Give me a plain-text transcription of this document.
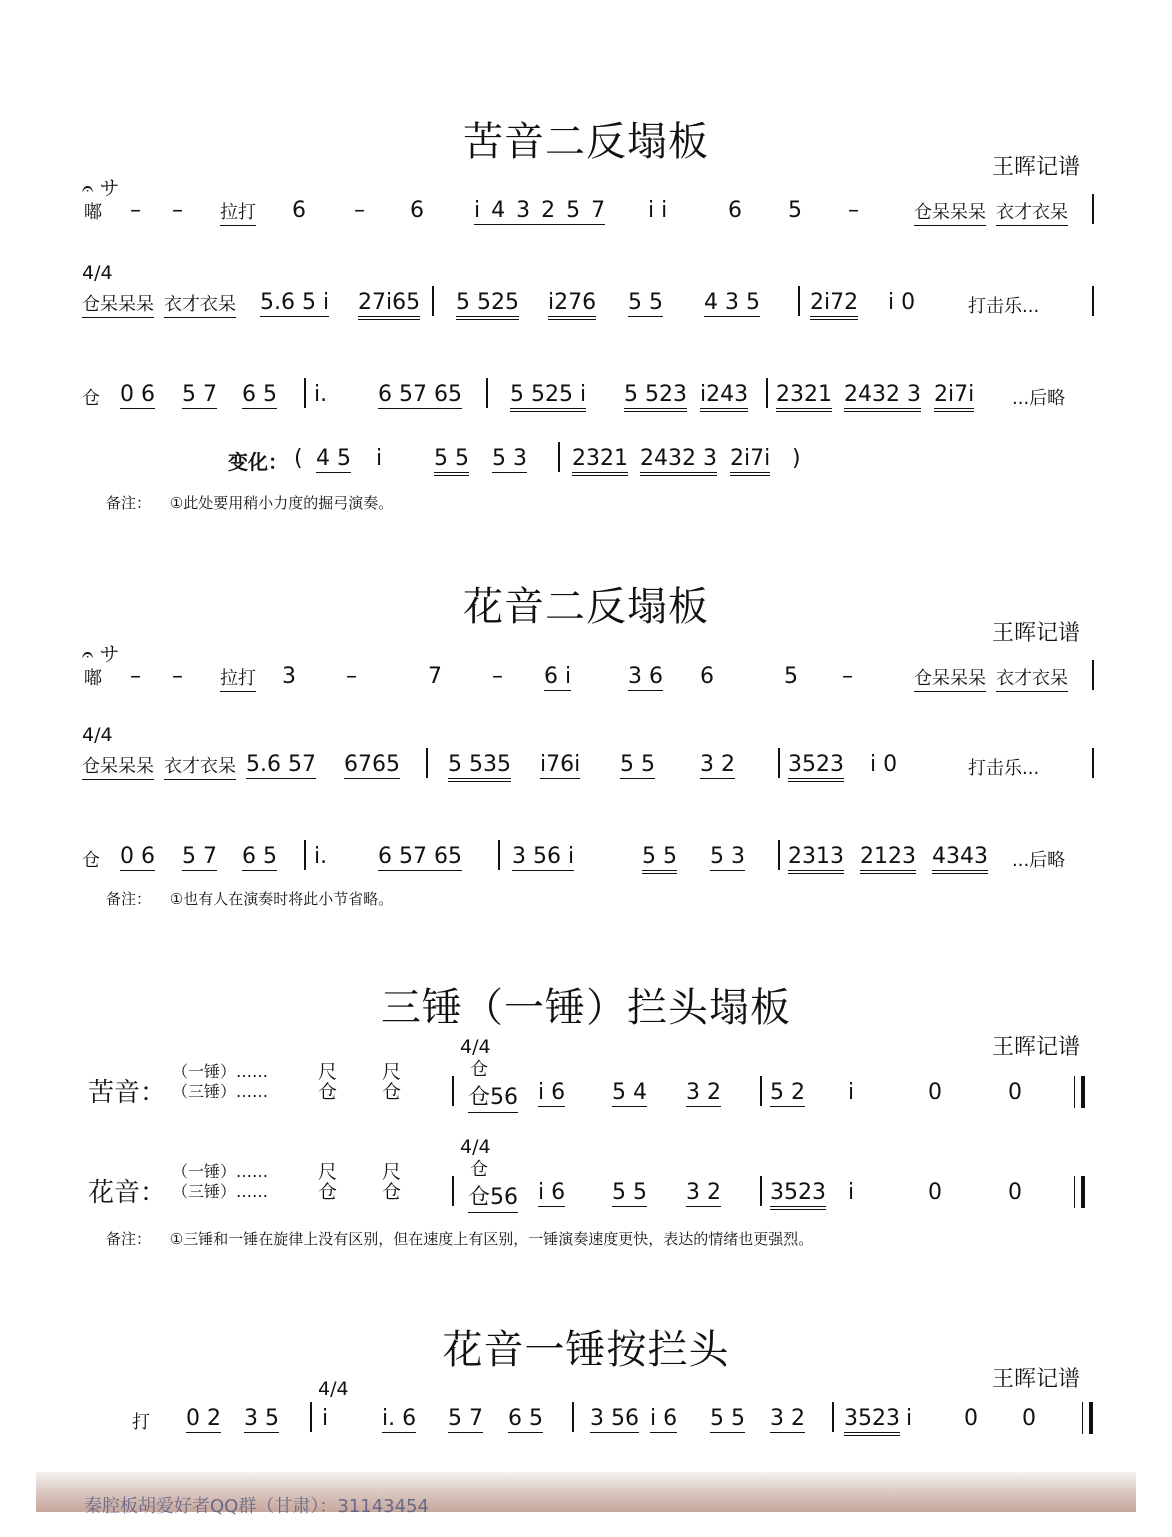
苦音二反塌板
王晖记谱
𝄐 サ
嘟 – – 拉打 6 – 6 i 4 3 2 5 7 i i	6 5 –	仓呆呆呆 衣才衣呆
4/4
仓呆呆呆 衣才衣呆 5.6 5 i 27i65 5 525 i276 5 5 4 3 5 2i72 i 0	打击乐...
仓 0 6 5 7 6 5 i. 6 57 65 5 525 i 5 523 i243 2321 2432 3 2i7i ...后略
变化： ( 4 5 i 5 5 5 3 2321 2432 3 2i7i )
备注： ①此处要用稍小力度的掘弓演奏。
花音二反塌板
王晖记谱
𝄐 サ
嘟 – – 拉打 3 –	7 – 6 i	3 6 6	5 –	仓呆呆呆 衣才衣呆
4/4
仓呆呆呆 衣才衣呆 5.6 57 6765 5 535 i76i 5 5 3 2 3523 i 0	打击乐...
仓 0 6 5 7 6 5 i. 6 57 65 3 56 i	5 5 5 3 2313 2123 4343 ...后略
备注： ①也有人在演奏时将此小节省略。
三锤（一锤）拦头塌板
王晖记谱
苦音：
（一锤）……
（三锤）……
尺 尺
仓 仓
4/4
仓
仓56 i 6 5 4 3 2 5 2 i	0	0
花音：
（一锤）……
（三锤）……
尺 尺
仓 仓
4/4
仓
仓56 i 6 5 5 3 2 3523 i	0	0
备注： ①三锤和一锤在旋律上没有区别，但在速度上有区别，一锤演奏速度更快，表达的情绪也更强烈。
花音一锤按拦头
王晖记谱
4/4
打 0 2 3 5 i i. 6 5 7 6 5 3 56 i 6 5 5 3 2 3523 i 0 0
秦腔板胡爱好者QQ群（甘肃）：31143454
